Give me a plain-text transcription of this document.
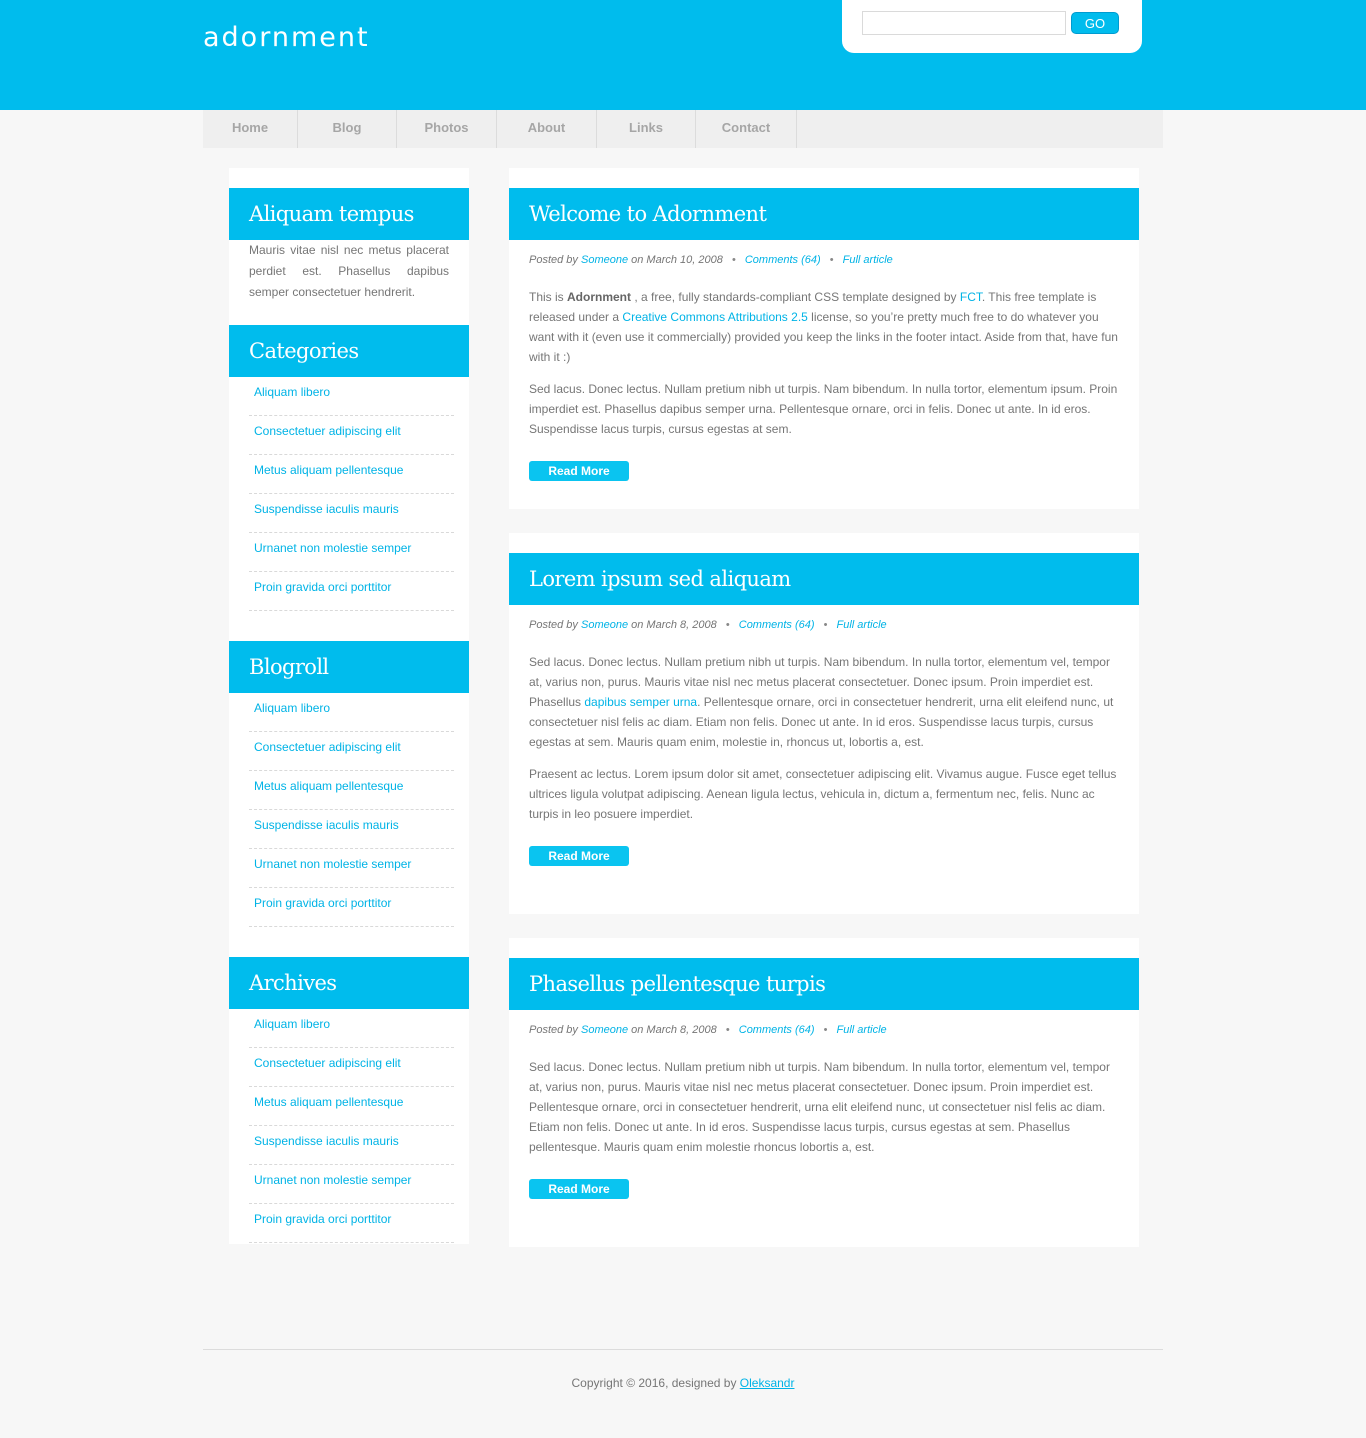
adornment	GO
Home	Blog	Photos	About	Links	Contact
Aliquam tempus
Mauris vitae nisl nec metus placerat perdiet est. Phasellus dapibus semper consectetuer hendrerit.
Categories
Aliquam libero
Consectetuer adipiscing elit
Metus aliquam pellentesque
Suspendisse iaculis mauris
Urnanet non molestie semper
Proin gravida orci porttitor
Blogroll
Aliquam libero
Consectetuer adipiscing elit
Metus aliquam pellentesque
Suspendisse iaculis mauris
Urnanet non molestie semper
Proin gravida orci porttitor
Archives
Aliquam libero
Consectetuer adipiscing elit
Metus aliquam pellentesque
Suspendisse iaculis mauris
Urnanet non molestie semper
Proin gravida orci porttitor
Welcome to Adornment
Posted by Someone on March 10, 2008 • Comments (64) • Full article

This is Adornment , a free, fully standards-compliant CSS template designed by FCT. This free template is released under a Creative Commons Attributions 2.5 license, so you’re pretty much free to do whatever you want with it (even use it commercially) provided you keep the links in the footer intact. Aside from that, have fun with it :)

Sed lacus. Donec lectus. Nullam pretium nibh ut turpis. Nam bibendum. In nulla tortor, elementum ipsum. Proin imperdiet est. Phasellus dapibus semper urna. Pellentesque ornare, orci in felis. Donec ut ante. In id eros. Suspendisse lacus turpis, cursus egestas at sem.

Read More
Lorem ipsum sed aliquam
Posted by Someone on March 8, 2008 • Comments (64) • Full article

Sed lacus. Donec lectus. Nullam pretium nibh ut turpis. Nam bibendum. In nulla tortor, elementum vel, tempor at, varius non, purus. Mauris vitae nisl nec metus placerat consectetuer. Donec ipsum. Proin imperdiet est. Phasellus dapibus semper urna. Pellentesque ornare, orci in consectetuer hendrerit, urna elit eleifend nunc, ut consectetuer nisl felis ac diam. Etiam non felis. Donec ut ante. In id eros. Suspendisse lacus turpis, cursus egestas at sem. Mauris quam enim, molestie in, rhoncus ut, lobortis a, est.

Praesent ac lectus. Lorem ipsum dolor sit amet, consectetuer adipiscing elit. Vivamus augue. Fusce eget tellus ultrices ligula volutpat adipiscing. Aenean ligula lectus, vehicula in, dictum a, fermentum nec, felis. Nunc ac turpis in leo posuere imperdiet.

Read More
Phasellus pellentesque turpis
Posted by Someone on March 8, 2008 • Comments (64) • Full article

Sed lacus. Donec lectus. Nullam pretium nibh ut turpis. Nam bibendum. In nulla tortor, elementum vel, tempor at, varius non, purus. Mauris vitae nisl nec metus placerat consectetuer. Donec ipsum. Proin imperdiet est. Pellentesque ornare, orci in consectetuer hendrerit, urna elit eleifend nunc, ut consectetuer nisl felis ac diam. Etiam non felis. Donec ut ante. In id eros. Suspendisse lacus turpis, cursus egestas at sem. Phasellus pellentesque. Mauris quam enim molestie rhoncus lobortis a, est.

Read More
Copyright © 2016, designed by Oleksandr
